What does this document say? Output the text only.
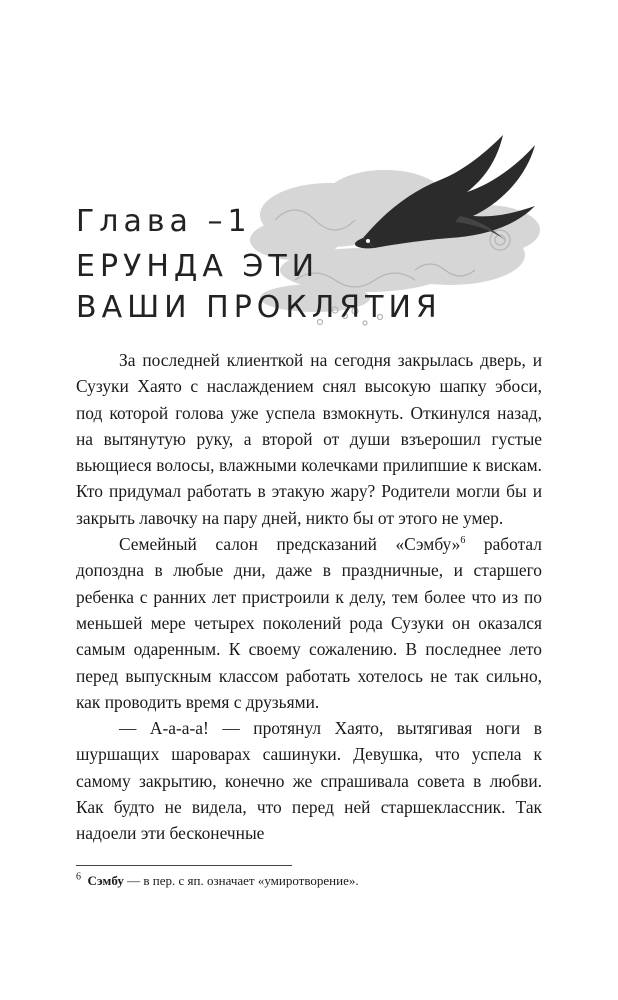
Глава –1
ЕРУНДА ЭТИ
ВАШИ ПРОКЛЯТИЯ

За последней клиенткой на сегодня закрылась дверь, и Сузуки Хаято с наслаждением снял высокую шапку эбоси, под которой голова уже успела взмокнуть. Откинулся назад, на вытянутую руку, а второй от души взъерошил густые вьющиеся волосы, влажными колечками прилипшие к вискам. Кто придумал работать в этакую жару? Родители могли бы и закрыть лавочку на пару дней, никто бы от этого не умер.

Семейный салон предсказаний «Сэмбу»$^6$ работал допоздна в любые дни, даже в праздничные, и старшего ребенка с ранних лет пристроили к делу, тем более что из по меньшей мере четырех поколений рода Сузуки он оказался самым одаренным. К своему сожалению. В последнее лето перед выпускным классом работать хотелось не так сильно, как проводить время с друзьями.

— А-а-а-а! — протянул Хаято, вытягивая ноги в шуршащих шароварах сашинуки. Девушка, что успела к самому закрытию, конечно же спрашивала совета в любви. Как будто не видела, что перед ней старшеклассник. Так надоели эти бесконечные

$^6$ Сэмбу — в пер. с яп. означает «умиротворение».
